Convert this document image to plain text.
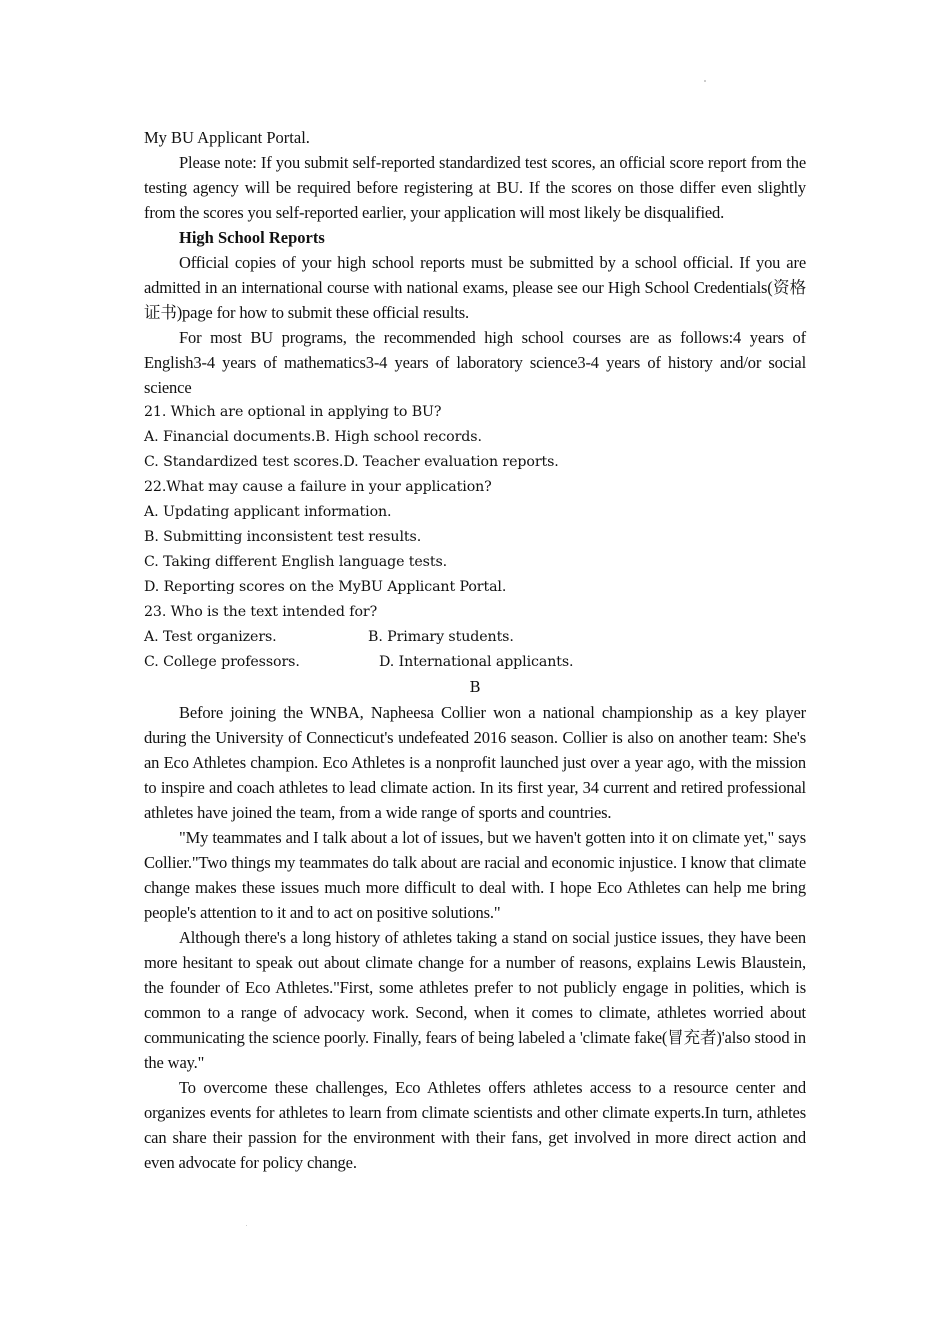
My BU Applicant Portal.

Please note: If you submit self-reported standardized test scores, an official score report from the testing agency will be required before registering at BU. If the scores on those differ even slightly from the scores you self-reported earlier, your application will most likely be disqualified.

High School Reports

Official copies of your high school reports must be submitted by a school official. If you are admitted in an international course with national exams, please see our High School Credentials(资格证书)page for how to submit these official results.

For most BU programs, the recommended high school courses are as follows:4 years of English3-4 years of mathematics3-4 years of laboratory science3-4 years of history and/or social science

21. Which are optional in applying to BU?

A. Financial documents.B. High school records.

C. Standardized test scores.D. Teacher evaluation reports.

22.What may cause a failure in your application?

A. Updating applicant information.

B. Submitting inconsistent test results.

C. Taking different English language tests.

D. Reporting scores on the MyBU Applicant Portal.

23. Who is the text intended for?

A. Test organizers.	B. Primary students.
C. College professors.	D. International applicants.

B

Before joining the WNBA, Napheesa Collier won a national championship as a key player during the University of Connecticut's undefeated 2016 season. Collier is also on another team: She's an Eco Athletes champion. Eco Athletes is a nonprofit launched just over a year ago, with the mission to inspire and coach athletes to lead climate action. In its first year, 34 current and retired professional athletes have joined the team, from a wide range of sports and countries.

"My teammates and I talk about a lot of issues, but we haven't gotten into it on climate yet," says Collier."Two things my teammates do talk about are racial and economic injustice. I know that climate change makes these issues much more difficult to deal with. I hope Eco Athletes can help me bring people's attention to it and to act on positive solutions."

Although there's a long history of athletes taking a stand on social justice issues, they have been more hesitant to speak out about climate change for a number of reasons, explains Lewis Blaustein, the founder of Eco Athletes."First, some athletes prefer to not publicly engage in polities, which is common to a range of advocacy work. Second, when it comes to climate, athletes worried about communicating the science poorly. Finally, fears of being labeled a 'climate fake(冒充者)'also stood in the way."

To overcome these challenges, Eco Athletes offers athletes access to a resource center and organizes events for athletes to learn from climate scientists and other climate experts.In turn, athletes can share their passion for the environment with their fans, get involved in more direct action and even advocate for policy change.
